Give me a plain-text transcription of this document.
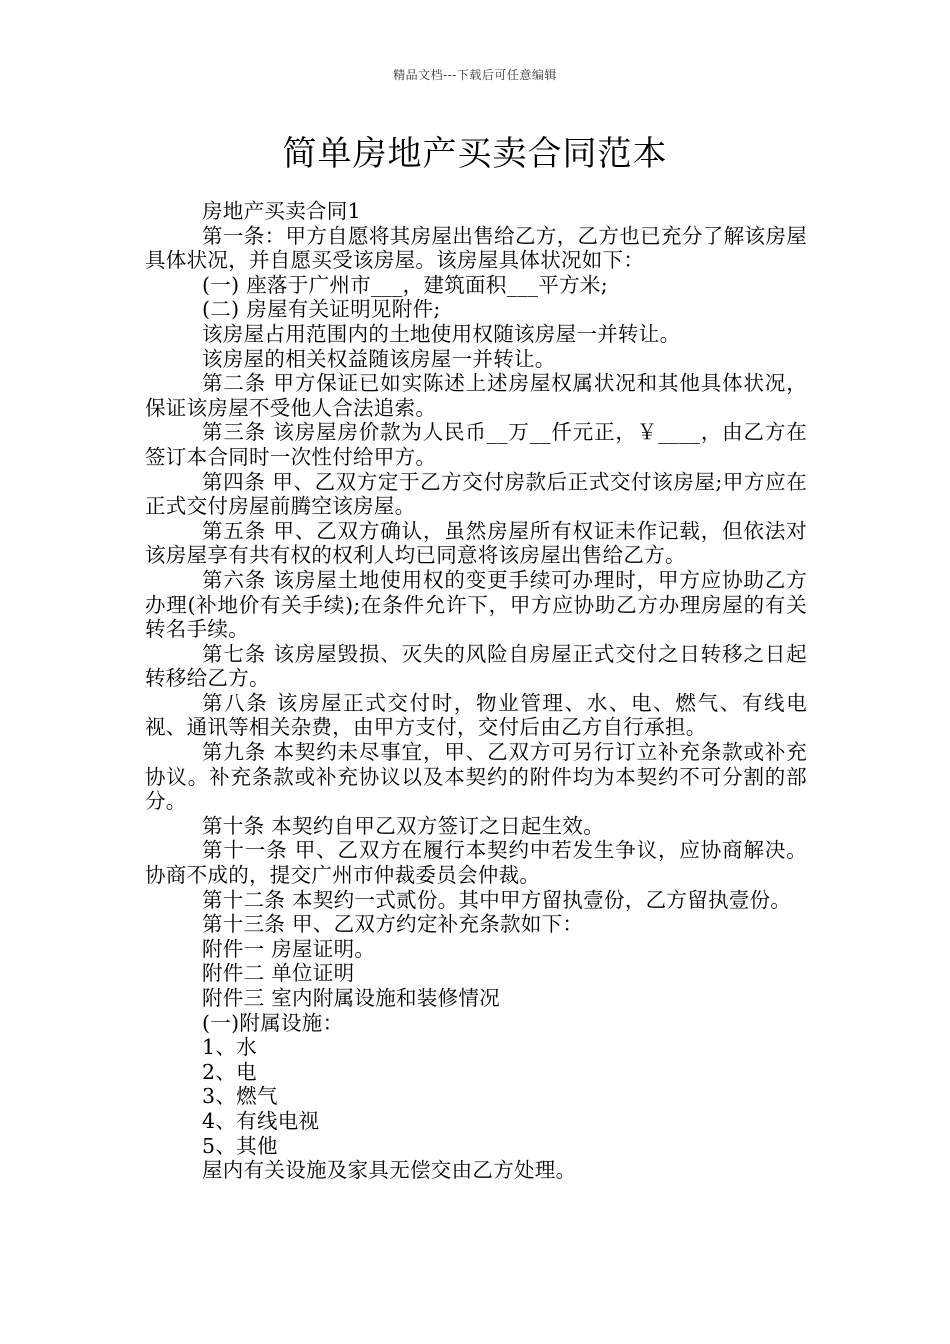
精品文档---下载后可任意编辑
简单房地产买卖合同范本

房地产买卖合同1

第一条：甲方自愿将其房屋出售给乙方，乙方也已充分了解该房屋具体状况，并自愿买受该房屋。该房屋具体状况如下：

(一) 座落于广州市___，建筑面积___平方米;

(二) 房屋有关证明见附件;

该房屋占用范围内的土地使用权随该房屋一并转让。

该房屋的相关权益随该房屋一并转让。

第二条 甲方保证已如实陈述上述房屋权属状况和其他具体状况，保证该房屋不受他人合法追索。

第三条 该房屋房价款为人民币__万__仟元正，￥____，由乙方在签订本合同时一次性付给甲方。

第四条 甲、乙双方定于乙方交付房款后正式交付该房屋;甲方应在正式交付房屋前腾空该房屋。

第五条 甲、乙双方确认，虽然房屋所有权证未作记载，但依法对该房屋享有共有权的权利人均已同意将该房屋出售给乙方。

第六条 该房屋土地使用权的变更手续可办理时，甲方应协助乙方办理(补地价有关手续);在条件允许下，甲方应协助乙方办理房屋的有关转名手续。

第七条 该房屋毁损、灭失的风险自房屋正式交付之日转移之日起转移给乙方。

第八条 该房屋正式交付时，物业管理、水、电、燃气、有线电视、通讯等相关杂费，由甲方支付，交付后由乙方自行承担。

第九条 本契约未尽事宜，甲、乙双方可另行订立补充条款或补充协议。补充条款或补充协议以及本契约的附件均为本契约不可分割的部分。

第十条 本契约自甲乙双方签订之日起生效。

第十一条 甲、乙双方在履行本契约中若发生争议，应协商解决。协商不成的，提交广州市仲裁委员会仲裁。

第十二条 本契约一式贰份。其中甲方留执壹份，乙方留执壹份。

第十三条 甲、乙双方约定补充条款如下：

附件一 房屋证明。

附件二 单位证明

附件三 室内附属设施和装修情况

(一)附属设施：

1、水

2、电

3、燃气

4、有线电视

5、其他

屋内有关设施及家具无偿交由乙方处理。
